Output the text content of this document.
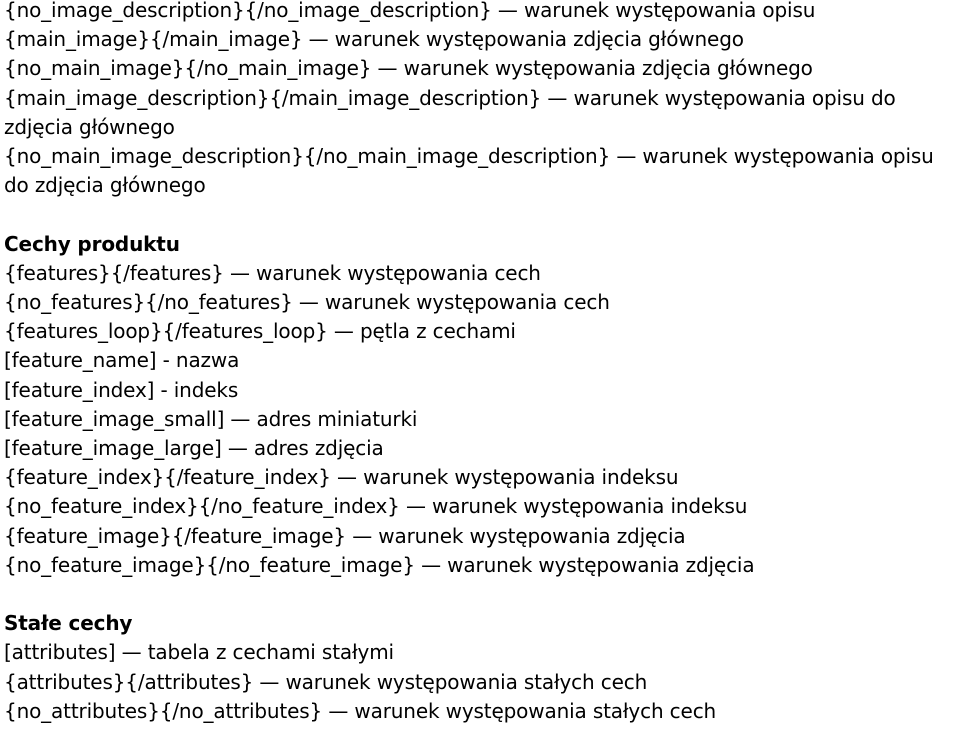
{no_image_description}{/no_image_description} — warunek występowania opisu
{main_image}{/main_image} — warunek występowania zdjęcia głównego
{no_main_image}{/no_main_image} — warunek występowania zdjęcia głównego
{main_image_description}{/main_image_description} — warunek występowania opisu do zdjęcia głównego
{no_main_image_description}{/no_main_image_description} — warunek występowania opisu do zdjęcia głównego
Cechy produktu
{features}{/features} — warunek występowania cech
{no_features}{/no_features} — warunek występowania cech
{features_loop}{/features_loop} — pętla z cechami
[feature_name] - nazwa
[feature_index] - indeks
[feature_image_small] — adres miniaturki
[feature_image_large] — adres zdjęcia
{feature_index}{/feature_index} — warunek występowania indeksu
{no_feature_index}{/no_feature_index} — warunek występowania indeksu
{feature_image}{/feature_image} — warunek występowania zdjęcia
{no_feature_image}{/no_feature_image} — warunek występowania zdjęcia
Stałe cechy
[attributes] — tabela z cechami stałymi
{attributes}{/attributes} — warunek występowania stałych cech
{no_attributes}{/no_attributes} — warunek występowania stałych cech
